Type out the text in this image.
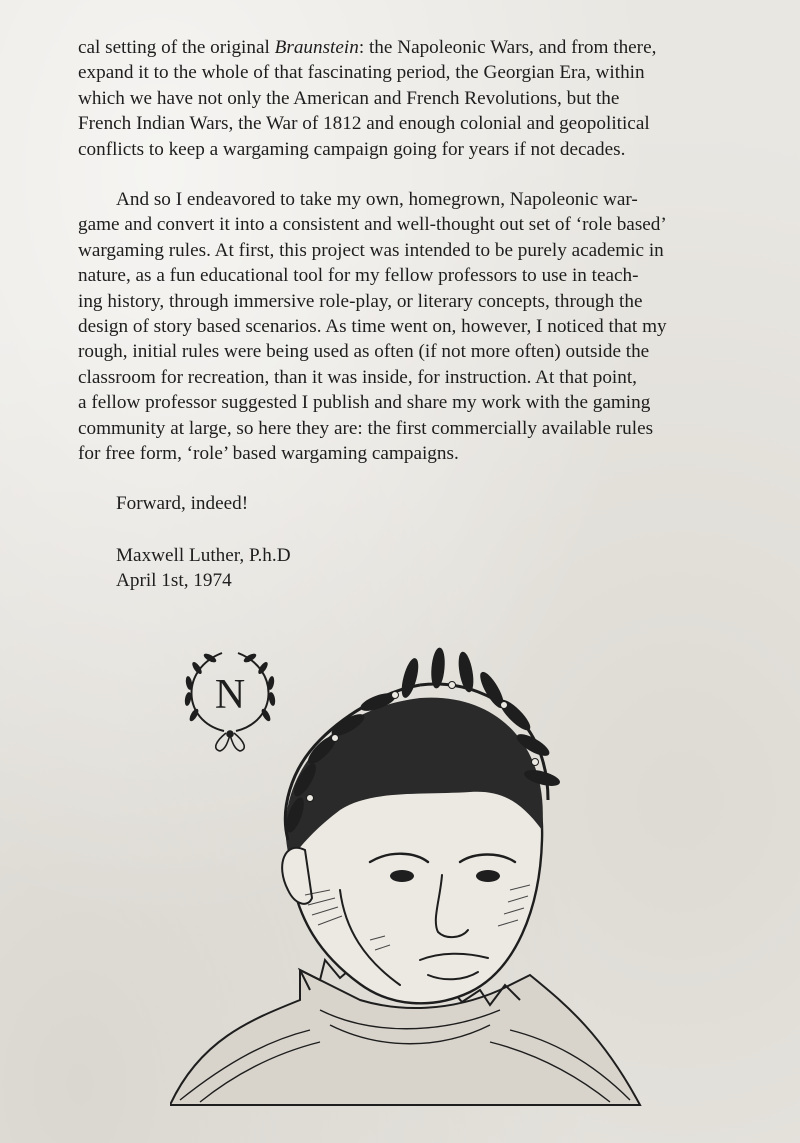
cal setting of the original Braunstein: the Napoleonic Wars, and from there,
expand it to the whole of that fascinating period, the Georgian Era, within
which we have not only the American and French Revolutions, but the
French Indian Wars, the War of 1812 and enough colonial and geopolitical
conflicts to keep a wargaming campaign going for years if not decades.
And so I endeavored to take my own, homegrown, Napoleonic war-
game and convert it into a consistent and well-thought out set of ‘role based’
wargaming rules. At first, this project was intended to be purely academic in
nature, as a fun educational tool for my fellow professors to use in teach-
ing history, through immersive role-play, or literary concepts, through the
design of story based scenarios. As time went on, however, I noticed that my
rough, initial rules were being used as often (if not more often) outside the
classroom for recreation, than it was inside, for instruction. At that point,
a fellow professor suggested I publish and share my work with the gaming
community at large, so here they are: the first commercially available rules
for free form, ‘role’ based wargaming campaigns.
Forward, indeed!
Maxwell Luther, P.h.D
April 1st, 1974
N
